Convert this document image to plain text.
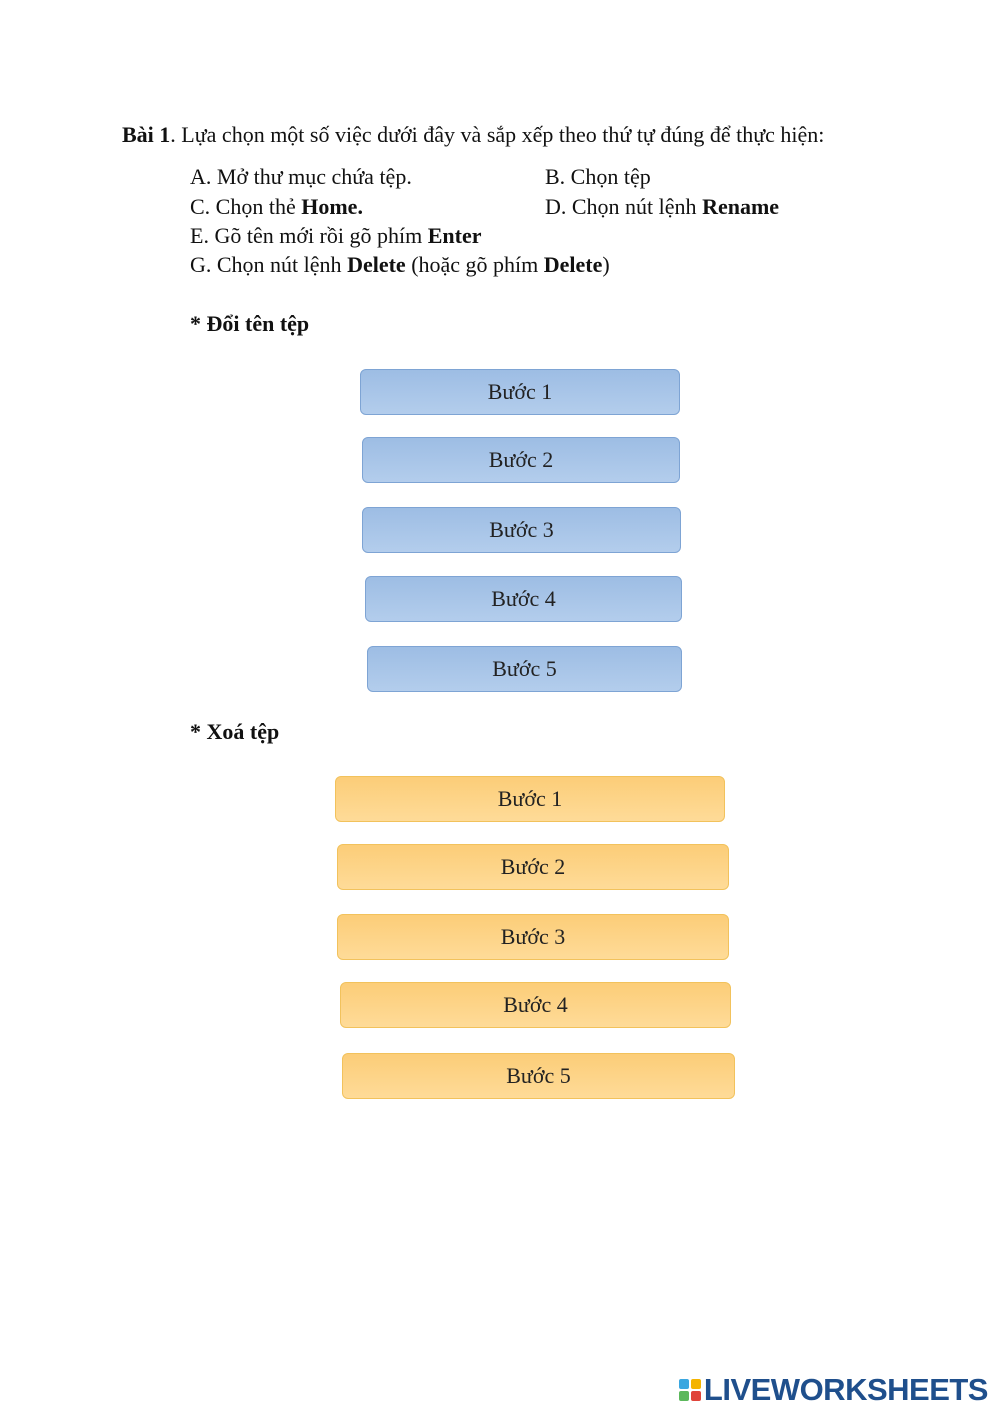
Bài 1. Lựa chọn một số việc dưới đây và sắp xếp theo thứ tự đúng để thực hiện:
A. Mở thư mục chứa tệp.	B. Chọn tệp
C. Chọn thẻ Home.	D. Chọn nút lệnh Rename
E. Gõ tên mới rồi gõ phím Enter
G. Chọn nút lệnh Delete (hoặc gõ phím Delete)
* Đổi tên tệp
Bước 1
Bước 2
Bước 3
Bước 4
Bước 5
* Xoá tệp
Bước 1
Bước 2
Bước 3
Bước 4
Bước 5
LIVEWORKSHEETS
